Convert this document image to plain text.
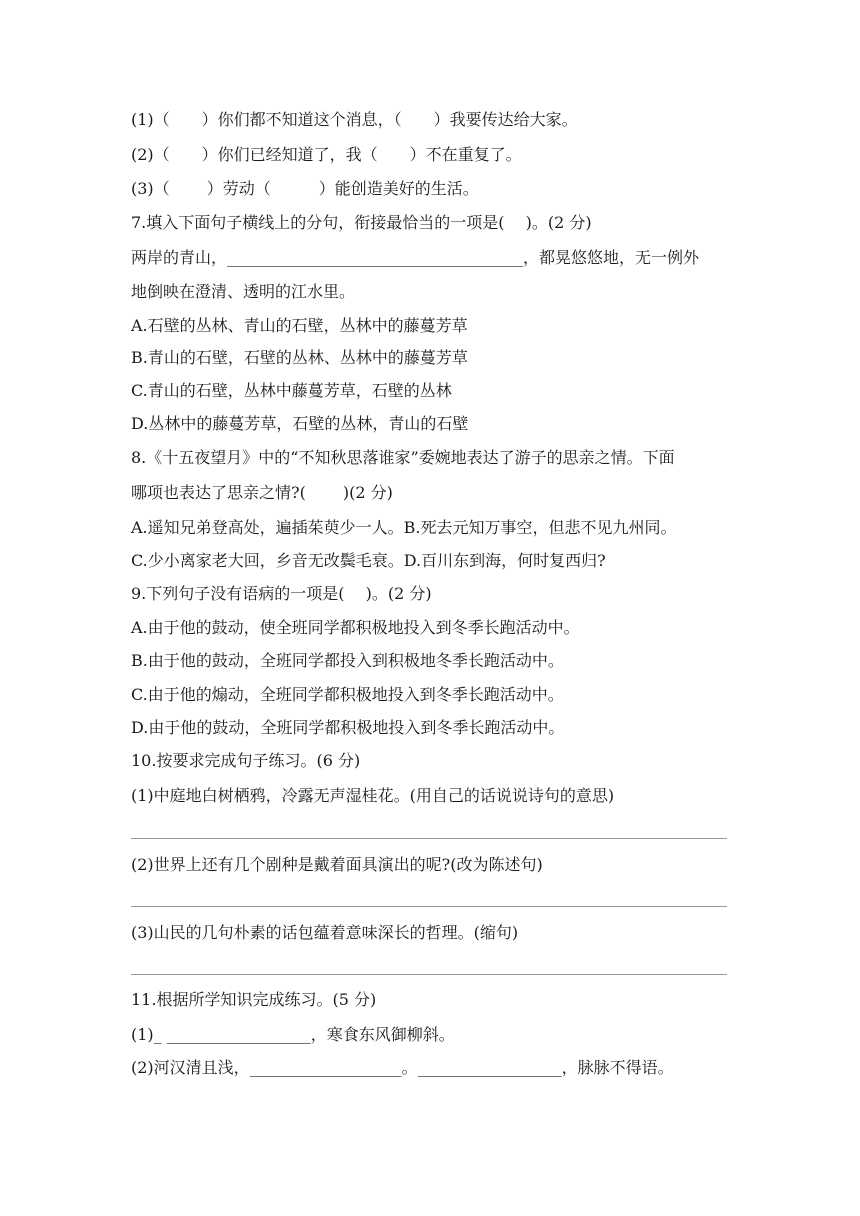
(1)（　　）你们都不知道这个消息，（　　）我要传达给大家。
(2)（　　）你们已经知道了，我（　　）不在重复了。
(3)（　　 ）劳动（　　　）能创造美好的生活。
7.填入下面句子横线上的分句，衔接最恰当的一项是(　 )。(2 分)
两岸的青山，_____________________________________，都晃悠悠地，无一例外
地倒映在澄清、透明的江水里。
A.石壁的丛林、青山的石壁，丛林中的藤蔓芳草
B.青山的石壁，石壁的丛林、丛林中的藤蔓芳草
C.青山的石壁，丛林中藤蔓芳草，石壁的丛林
D.丛林中的藤蔓芳草，石壁的丛林，青山的石壁
8.《十五夜望月》中的“不知秋思落谁家”委婉地表达了游子的思亲之情。下面
哪项也表达了思亲之情?(　　 )(2 分)
A.遥知兄弟登高处，遍插茱萸少一人。B.死去元知万事空，但悲不见九州同。
C.少小离家老大回，乡音无改鬓毛衰。D.百川东到海，何时复西归?
9.下列句子没有语病的一项是(　 )。(2 分)
A.由于他的鼓动，使全班同学都积极地投入到冬季长跑活动中。
B.由于他的鼓动，全班同学都投入到积极地冬季长跑活动中。
C.由于他的煽动，全班同学都积极地投入到冬季长跑活动中。
D.由于他的鼓动，全班同学都积极地投入到冬季长跑活动中。
10.按要求完成句子练习。(6 分)
(1)中庭地白树栖鸦，冷露无声湿桂花。(用自己的话说说诗句的意思)
(2)世界上还有几个剧种是戴着面具演出的呢?(改为陈述句)
(3)山民的几句朴素的话包蕴着意味深长的哲理。(缩句)
11.根据所学知识完成练习。(5 分)
(1)_ __________________，寒食东风御柳斜。
(2)河汉清且浅，___________________。__________________，脉脉不得语。
